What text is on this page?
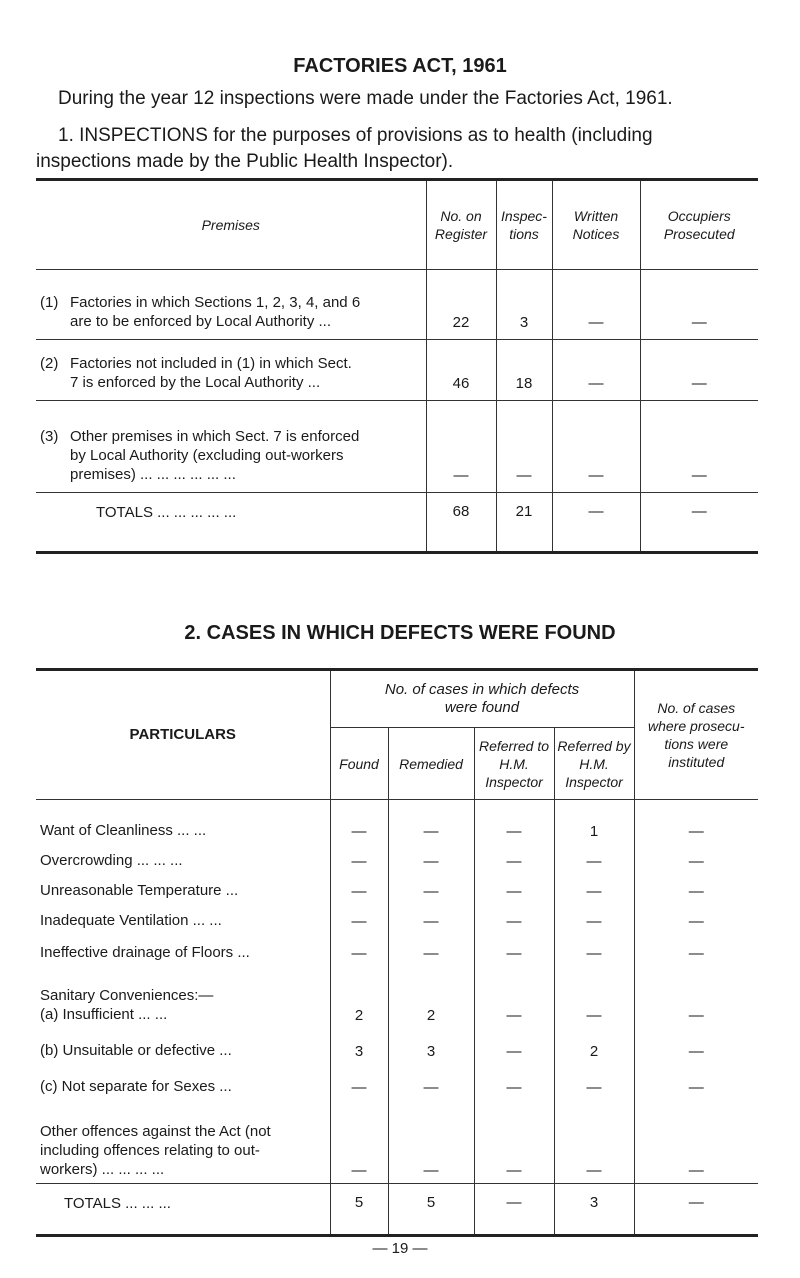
FACTORIES ACT, 1961
During the year 12 inspections were made under the Factories Act, 1961.
1. INSPECTIONS for the purposes of provisions as to health (including
inspections made by the Public Health Inspector).
Premises	No. on Register	Inspec- tions	Written Notices	Occupiers Prosecuted
(1) Factories in which Sections 1, 2, 3, 4, and 6
are to be enforced by Local Authority ...	22	3	—	—
(2) Factories not included in (1) in which Sect.
7 is enforced by the Local Authority ...	46	18	—	—
(3) Other premises in which Sect. 7 is enforced
by Local Authority (excluding out-workers
premises) ... ... ... ... ... ...	—	—	—	—
TOTALS ... ... ... ... ...	68	21	—	—
2. CASES IN WHICH DEFECTS WERE FOUND
PARTICULARS	No. of cases in which defects were found				No. of cases where prosecu- tions were instituted
	Found	Remedied	Referred to H.M. Inspector	Referred by H.M. Inspector	
Want of Cleanliness ... ...	—	—	—	1	—
Overcrowding ... ... ...	—	—	—	—	—
Unreasonable Temperature ...	—	—	—	—	—
Inadequate Ventilation ... ...	—	—	—	—	—
Ineffective drainage of Floors ...	—	—	—	—	—

Sanitary Conveniences:—
(a) Insufficient ... ...	2	2	—	—	—
(b) Unsuitable or defective ...	3	3	—	2	—
(c) Not separate for Sexes ...	—	—	—	—	—

Other offences against the Act (not
including offences relating to out-
workers) ... ... ... ...	—	—	—	—	—
TOTALS ... ... ...	5	5	—	3	—
— 19 —
